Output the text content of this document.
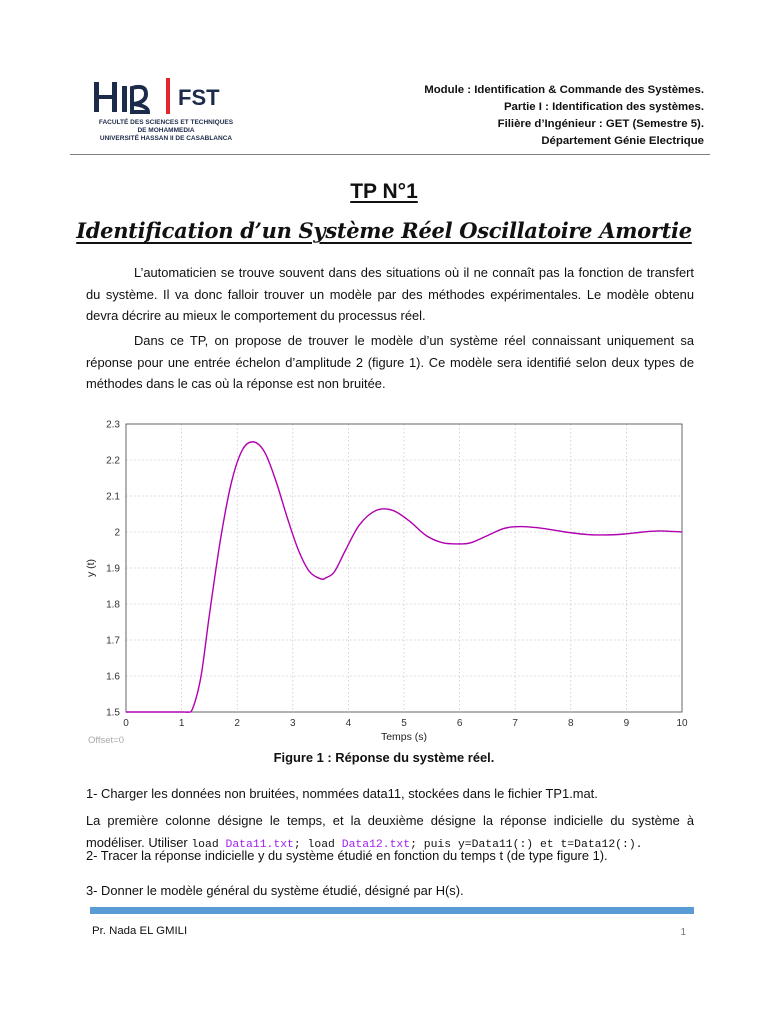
FST
FACULTÉ DES SCIENCES ET TECHNIQUES
DE MOHAMMEDIA
UNIVERSITÉ HASSAN II DE CASABLANCA
Module : Identification & Commande des Systèmes.
Partie I : Identification des systèmes.
Filière d’Ingénieur : GET (Semestre 5).
Département Génie Electrique
TP N°1
Identification d’un Système Réel Oscillatoire Amortie
L’automaticien se trouve souvent dans des situations où il ne connaît pas la fonction de transfert du système. Il va donc falloir trouver un modèle par des méthodes expérimentales. Le modèle obtenu devra décrire au mieux le comportement du processus réel.
Dans ce TP, on propose de trouver le modèle d’un système réel connaissant uniquement sa réponse pour une entrée échelon d’amplitude 2 (figure 1). Ce modèle sera identifié selon deux types de méthodes dans le cas où la réponse est non bruitée.
0	1	2	3	4	5	6	7	8	9	10
1.5
1.6
1.7
1.8
1.9
2
2.1
2.2
2.3
Temps (s)
y (t)
Offset=0
Figure 1 : Réponse du système réel.
1- Charger les données non bruitées, nommées data11, stockées dans le fichier TP1.mat.
La première colonne désigne le temps, et la deuxième désigne la réponse indicielle du système à modéliser. Utiliser load Data11.txt; load Data12.txt; puis y=Data11(:) et t=Data12(:).
2- Tracer la réponse indicielle y du système étudié en fonction du temps t (de type figure 1).
3- Donner le modèle général du système étudié, désigné par H(s).
Pr. Nada EL GMILI	1
